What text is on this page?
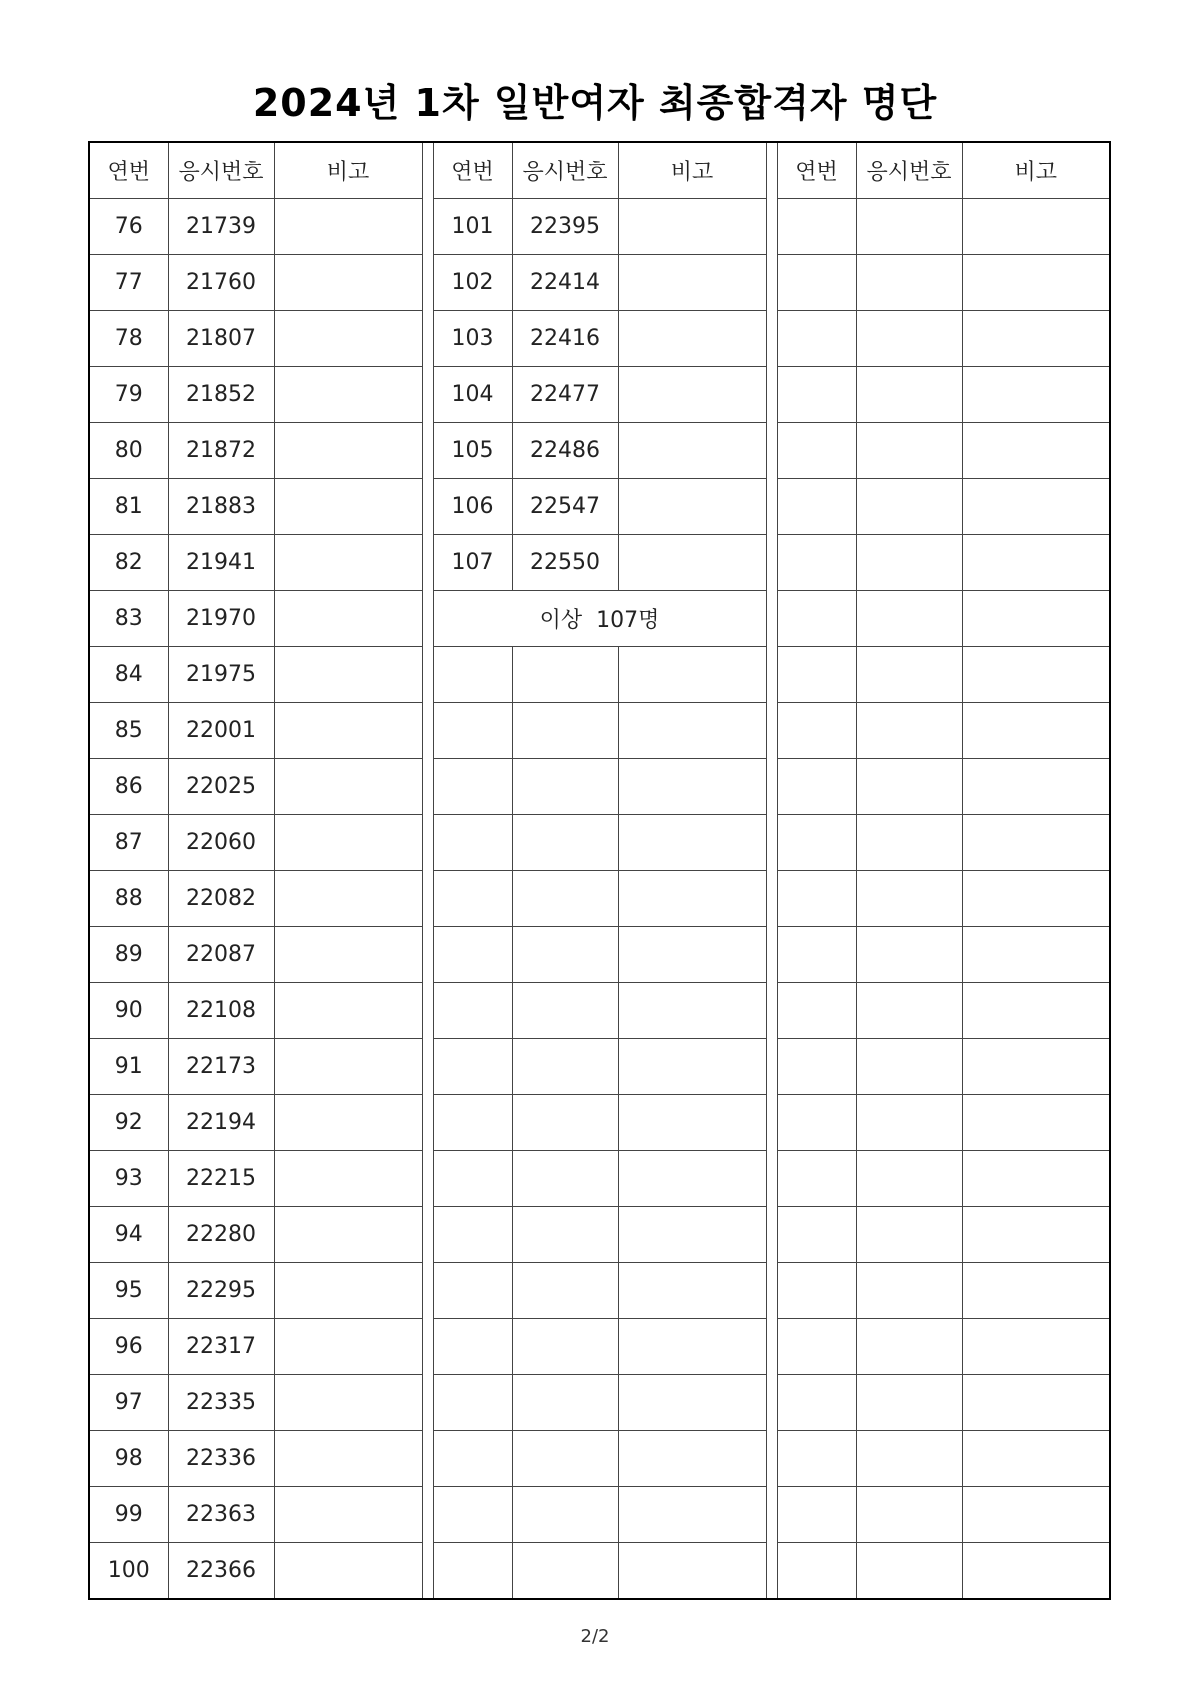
2024년 1차 일반여자 최종합격자 명단
연번	응시번호	비고		연번	응시번호	비고		연번	응시번호	비고
76	21739			101	22395					
77	21760			102	22414					
78	21807			103	22416					
79	21852			104	22477					
80	21872			105	22486					
81	21883			106	22547					
82	21941			107	22550					
83	21970			이상  107명						
84	21975									
85	22001									
86	22025									
87	22060									
88	22082									
89	22087									
90	22108									
91	22173									
92	22194									
93	22215									
94	22280									
95	22295									
96	22317									
97	22335									
98	22336									
99	22363									
100	22366									
2/2
